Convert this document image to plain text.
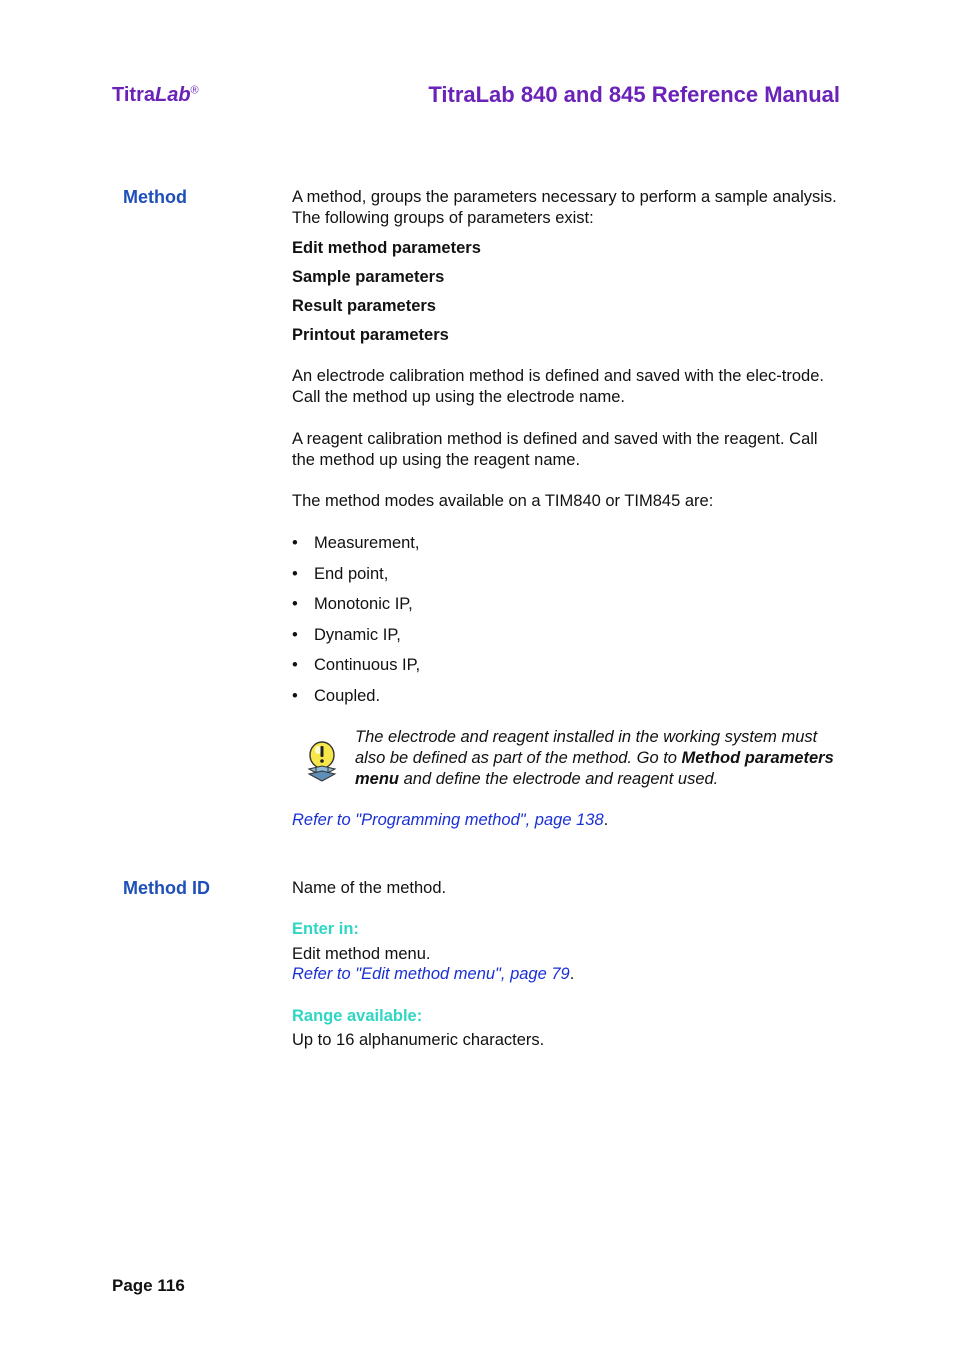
TitraLab®	TitraLab 840 and 845 Reference Manual
Method	A method, groups the parameters necessary to perform a sample analysis. The following groups of parameters exist:

Edit method parameters
Sample parameters
Result parameters
Printout parameters
An electrode calibration method is defined and saved with the elec-trode. Call the method up using the electrode name.
A reagent calibration method is defined and saved with the reagent. Call the method up using the reagent name.
The method modes available on a TIM840 or TIM845 are:
• Measurement,
• End point,
• Monotonic IP,
• Dynamic IP,
• Continuous IP,
• Coupled.
The electrode and reagent installed in the working system must also be defined as part of the method. Go to Method parameters menu and define the electrode and reagent used.
Refer to "Programming method", page 138.
Method ID	Name of the method.
Enter in:
Edit method menu.
Refer to "Edit method menu", page 79.
Range available:
Up to 16 alphanumeric characters.
Page 116
